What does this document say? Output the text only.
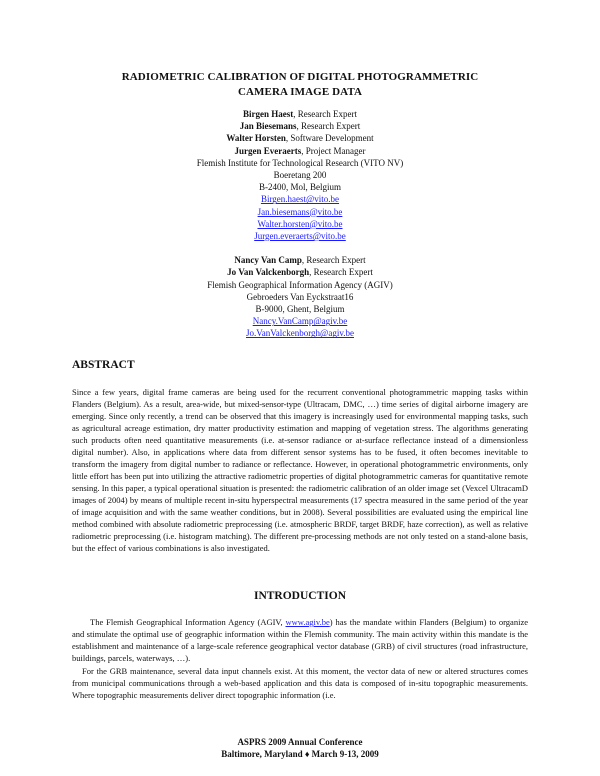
RADIOMETRIC CALIBRATION OF DIGITAL PHOTOGRAMMETRIC
CAMERA IMAGE DATA
Birgen Haest, Research Expert
Jan Biesemans, Research Expert
Walter Horsten, Software Development
Jurgen Everaerts, Project Manager
Flemish Institute for Technological Research (VITO NV)
Boeretang 200
B-2400, Mol, Belgium
Birgen.haest@vito.be
Jan.biesemans@vito.be
Walter.horsten@vito.be
Jurgen.everaerts@vito.be
Nancy Van Camp, Research Expert
Jo Van Valckenborgh, Research Expert
Flemish Geographical Information Agency (AGIV)
Gebroeders Van Eyckstraat16
B-9000, Ghent, Belgium
Nancy.VanCamp@agiv.be
Jo.VanValckenborgh@agiv.be
ABSTRACT

Since a few years, digital frame cameras are being used for the recurrent conventional photogrammetric mapping tasks within Flanders (Belgium). As a result, area-wide, but mixed-sensor-type (Ultracam, DMC, …) time series of digital airborne imagery are emerging. Since only recently, a trend can be observed that this imagery is increasingly used for environmental mapping tasks, such as agricultural acreage estimation, dry matter productivity estimation and mapping of vegetation stress. The algorithms generating such products often need quantitative measurements (i.e. at-sensor radiance or at-surface reflectance instead of a dimensionless digital number). Also, in applications where data from different sensor systems has to be fused, it often becomes inevitable to transform the imagery from digital number to radiance or reflectance. However, in operational photogrammetric environments, only little effort has been put into utilizing the attractive radiometric properties of digital photogrammetric cameras for quantitative remote sensing. In this paper, a typical operational situation is presented: the radiometric calibration of an older image set (Vexcel UltracamD images of 2004) by means of multiple recent in-situ hyperspectral measurements (17 spectra measured in the same period of the year of image acquisition and with the same weather conditions, but in 2008). Several possibilities are evaluated using the empirical line method combined with absolute radiometric preprocessing (i.e. atmospheric BRDF, target BRDF, haze correction), as well as relative radiometric preprocessing (i.e. histogram matching). The different pre-processing methods are not only tested on a stand-alone basis, but the effect of various combinations is also investigated.

INTRODUCTION

The Flemish Geographical Information Agency (AGIV, www.agiv.be) has the mandate within Flanders (Belgium) to organize and stimulate the optimal use of geographic information within the Flemish community. The main activity within this mandate is the establishment and maintenance of a large-scale reference geographical vector database (GRB) of civil structures (road infrastructure, buildings, parcels, waterways, …).

For the GRB maintenance, several data input channels exist. At this moment, the vector data of new or altered structures comes from municipal communications through a web-based application and this data is composed of in-situ topographic measurements. Where topographic measurements deliver direct topographic information (i.e.

ASPRS 2009 Annual Conference
Baltimore, Maryland ♦ March 9-13, 2009
